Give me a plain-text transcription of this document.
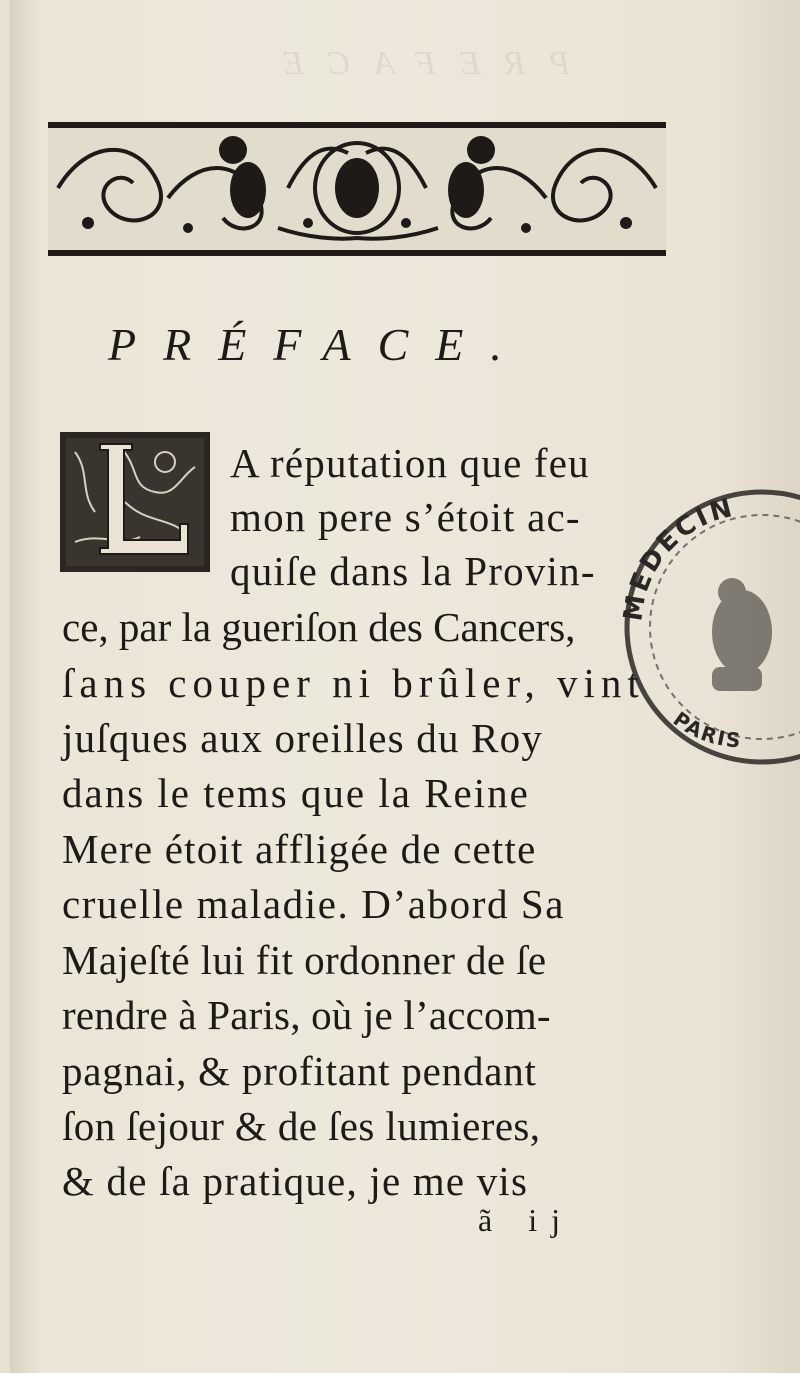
PREFACE
PRÉFACE.
A réputation que feu
mon pere s’étoit ac-
quiſe dans la Provin-
ce, par la gueriſon des Cancers,
ſans couper ni brûler, vint
juſques aux oreilles du Roy
dans le tems que la Reine
Mere étoit affligée de cette
cruelle maladie. D’abord Sa
Majeſté lui fit ordonner de ſe
rendre à Paris, où je l’accom-
pagnai, & profitant pendant
ſon ſejour & de ſes lumieres,
& de ſa pratique, je me vis
ã ij
MEDECIN
PARIS
